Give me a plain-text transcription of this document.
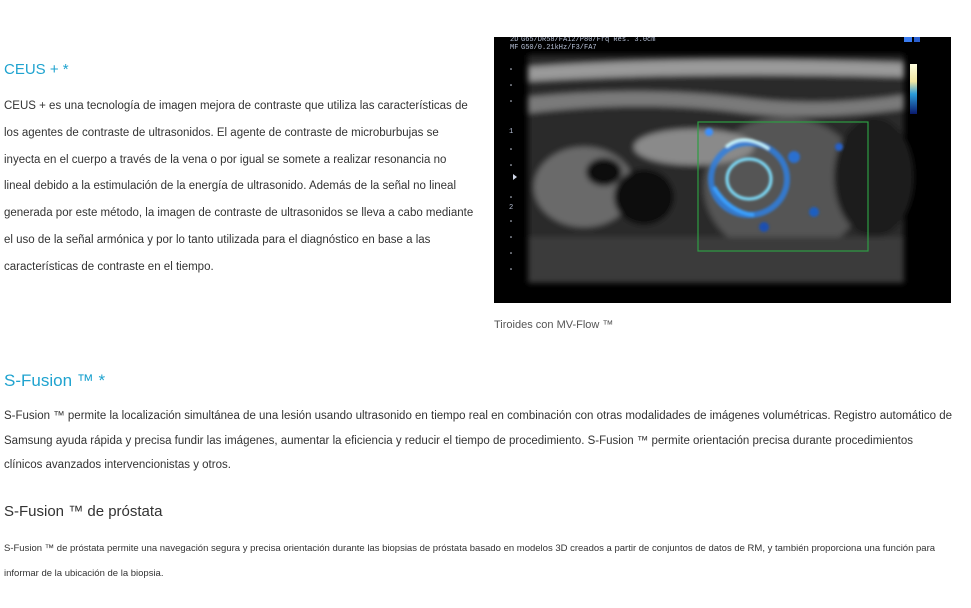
CEUS + *
CEUS + es una tecnología de imagen mejora de contraste que utiliza las características de los agentes de contraste de ultrasonidos. El agente de contraste de microburbujas se inyecta en el cuerpo a través de la vena o por igual se somete a realizar resonancia no lineal debido a la estimulación de la energía de ultrasonido. Además de la señal no lineal generada por este método, la imagen de contraste de ultrasonidos se lleva a cabo mediante el uso de la señal armónica y por lo tanto utilizada para el diagnóstico en base a las características de contraste en el tiempo.
1
2
2D G65/DR58/FA12/P80/Frq Res. 3.0cm
MF G50/0.21kHz/F3/FA7
Tiroides con MV-Flow ™
S-Fusion ™ *
S-Fusion ™ permite la localización simultánea de una lesión usando ultrasonido en tiempo real en combinación con otras modalidades de imágenes volumétricas. Registro automático de Samsung ayuda rápida y precisa fundir las imágenes, aumentar la eficiencia y reducir el tiempo de procedimiento. S-Fusion ™ permite orientación precisa durante procedimientos clínicos avanzados intervencionistas y otros.
S-Fusion ™ de próstata
S-Fusion ™ de próstata permite una navegación segura y precisa orientación durante las biopsias de próstata basado en modelos 3D creados a partir de conjuntos de datos de RM, y también proporciona una función para informar de la ubicación de la biopsia.
